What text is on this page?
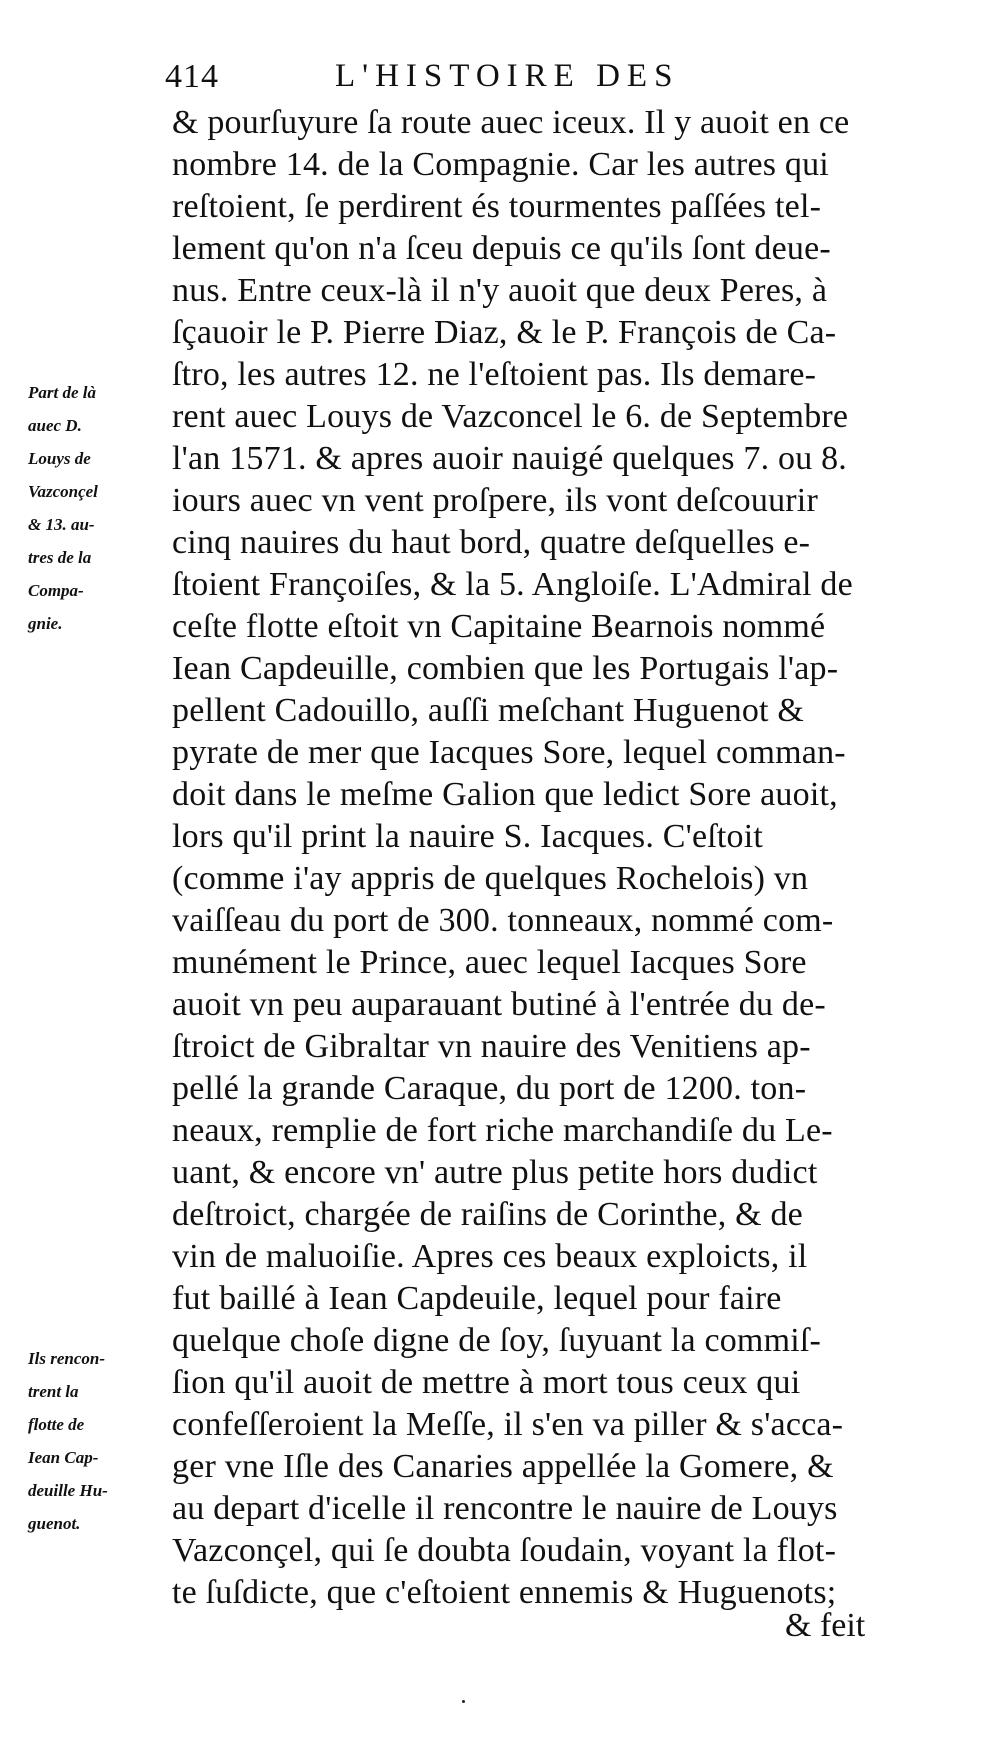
414	L'HISTOIRE DES
& pourſuyure ſa route auec iceux. Il y auoit en ce
nombre 14. de la Compagnie. Car les autres qui
reſtoient, ſe perdirent és tourmentes paſſées tel-
lement qu'on n'a ſceu depuis ce qu'ils ſont deue-
nus. Entre ceux-là il n'y auoit que deux Peres, à
ſçauoir le P. Pierre Diaz, & le P. François de Ca-
ſtro, les autres 12. ne l'eſtoient pas. Ils demare-
rent auec Louys de Vazconcel le 6. de Septembre
l'an 1571. & apres auoir nauigé quelques 7. ou 8.
iours auec vn vent proſpere, ils vont deſcouurir
cinq nauires du haut bord, quatre deſquelles e-
ſtoient Françoiſes, & la 5. Angloiſe. L'Admiral de
ceſte flotte eſtoit vn Capitaine Bearnois nommé
Iean Capdeuille, combien que les Portugais l'ap-
pellent Cadouillo, auſſi meſchant Huguenot &
pyrate de mer que Iacques Sore, lequel comman-
doit dans le meſme Galion que ledict Sore auoit,
lors qu'il print la nauire S. Iacques. C'eſtoit
(comme i'ay appris de quelques Rochelois) vn
vaiſſeau du port de 300. tonneaux, nommé com-
munément le Prince, auec lequel Iacques Sore
auoit vn peu auparauant butiné à l'entrée du de-
ſtroict de Gibraltar vn nauire des Venitiens ap-
pellé la grande Caraque, du port de 1200. ton-
neaux, remplie de fort riche marchandiſe du Le-
uant, & encore vn' autre plus petite hors dudict
deſtroict, chargée de raiſins de Corinthe, & de
vin de maluoiſie. Apres ces beaux exploicts, il
fut baillé à Iean Capdeuile, lequel pour faire
quelque choſe digne de ſoy, ſuyuant la commiſ-
ſion qu'il auoit de mettre à mort tous ceux qui
confeſſeroient la Meſſe, il s'en va piller & s'acca-
ger vne Iſle des Canaries appellée la Gomere, &
au depart d'icelle il rencontre le nauire de Louys
Vazconçel, qui ſe doubta ſoudain, voyant la flot-
te ſuſdicte, que c'eſtoient ennemis & Huguenots;
& feit
Part de là
auec D.
Louys de
Vazconçel
& 13. au-
tres de la
Compa-
gnie.
Ils rencon-
trent la
flotte de
Iean Cap-
deuille Hu-
guenot.
